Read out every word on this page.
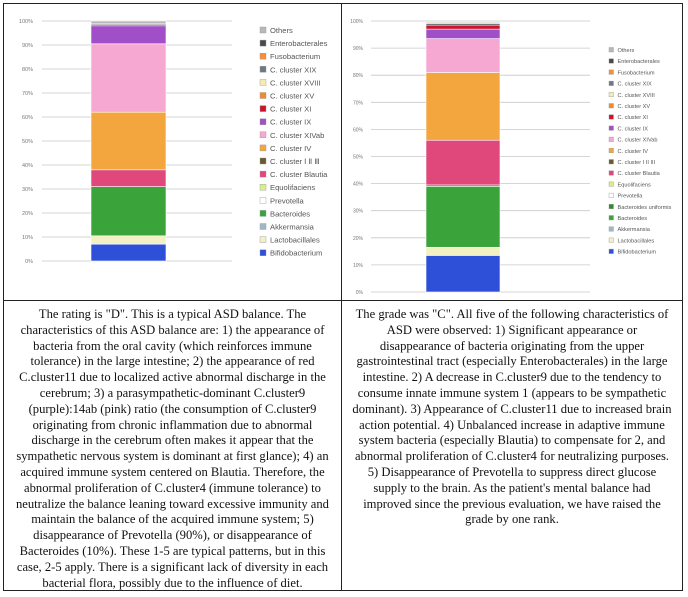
0%
10%
20%
30%
40%
50%
60%
70%
80%
90%
100%
Others
Enterobacterales
Fusobacterium
C. cluster XIX
C. cluster XVIII
C. cluster XV
C. cluster XI
C. cluster IX
C. cluster XIVab
C. cluster IV
C. cluster Ⅰ Ⅱ Ⅲ
C. cluster Blautia
Equolifaciens
Prevotella
Bacteroides
Akkermansia
Lactobacillales
Bifidobacterium
0%
10%
20%
30%
40%
50%
60%
70%
80%
90%
100%
Others
Enterobacterales
Fusobacterium
C. cluster XIX
C. cluster XVIII
C. cluster XV
C. cluster XI
C. cluster IX
C. cluster XIVab
C. cluster IV
C. cluster I II III
C. cluster Blautia
Equolifaciens
Prevotella
Bacteroides uniformis
Bacteroides
Akkermansia
Lactobacillales
Bifidobacterium
The rating is "D". This is a typical ASD balance. The characteristics of this ASD balance are: 1) the appearance of bacteria from the oral cavity (which reinforces immune tolerance) in the large intestine; 2) the appearance of red C.cluster11 due to localized active abnormal discharge in the cerebrum; 3) a parasympathetic-dominant C.cluster9 (purple):14ab (pink) ratio (the consumption of C.cluster9 originating from chronic inflammation due to abnormal discharge in the cerebrum often makes it appear that the sympathetic nervous system is dominant at first glance); 4) an acquired immune system centered on Blautia. Therefore, the abnormal proliferation of C.cluster4 (immune tolerance) to neutralize the balance leaning toward excessive immunity and maintain the balance of the acquired immune system; 5) disappearance of Prevotella (90%), or disappearance of Bacteroides (10%). These 1-5 are typical patterns, but in this case, 2-5 apply. There is a significant lack of diversity in each bacterial flora, possibly due to the influence of diet.
The grade was "C". All five of the following characteristics of ASD were observed: 1) Significant appearance or disappearance of bacteria originating from the upper gastrointestinal tract (especially Enterobacterales) in the large intestine. 2) A decrease in C.cluster9 due to the tendency to consume innate immune system 1 (appears to be sympathetic dominant). 3) Appearance of C.cluster11 due to increased brain action potential. 4) Unbalanced increase in adaptive immune system bacteria (especially Blautia) to compensate for 2, and abnormal proliferation of C.cluster4 for neutralizing purposes. 5) Disappearance of Prevotella to suppress direct glucose supply to the brain. As the patient's mental balance had improved since the previous evaluation, we have raised the grade by one rank.
